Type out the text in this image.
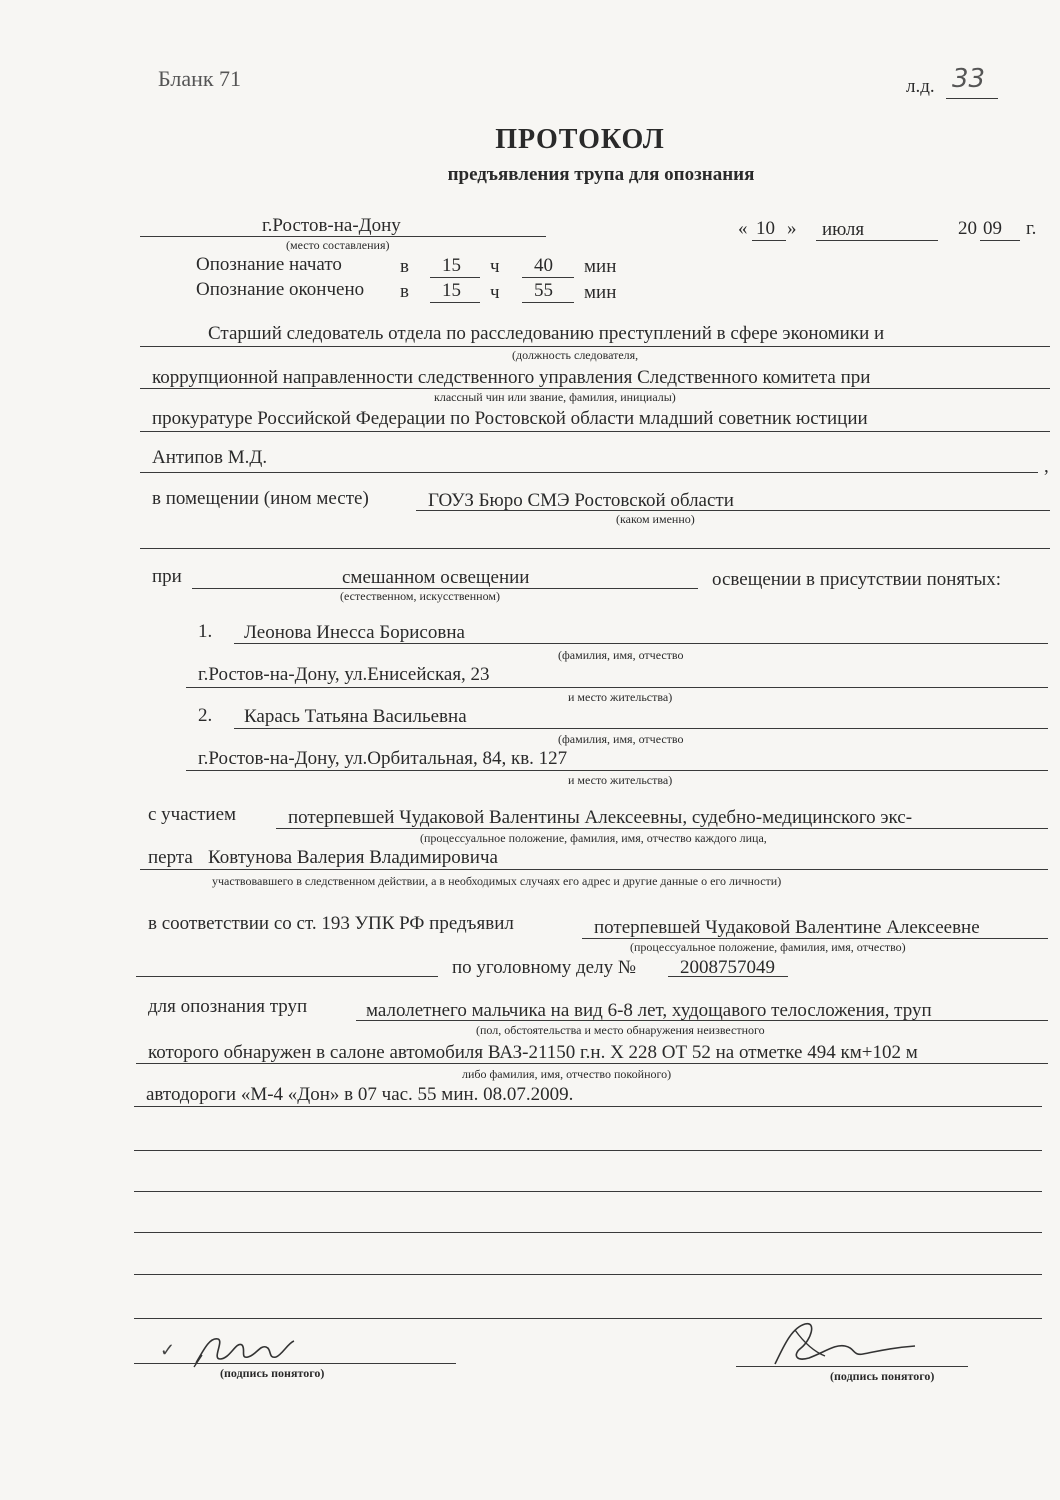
Бланк 71	л.д. 33
ПРОТОКОЛ
предъявления трупа для опознания
г.Ростов-на-Дону
(место составления)
« 10 » июля	20 09 г.
Опознание начато	в 15 ч 40 мин
Опознание окончено в 15 ч 55 мин
Старший следователь отдела по расследованию преступлений в сфере экономики и
(должность следователя,
коррупционной направленности следственного управления Следственного комитета при
классный чин или звание, фамилия, инициалы)
прокуратуре Российской Федерации по Ростовской области младший советник юстиции
Антипов М.Д.	,
в помещении (ином месте)	ГОУЗ Бюро СМЭ Ростовской области
(каком именно)
при	смешанном освещении
(естественном, искусственном)
освещении в присутствии понятых:
1. Леонова Инесса Борисовна
(фамилия, имя, отчество
г.Ростов-на-Дону, ул.Енисейская, 23
и место жительства)
2. Карась Татьяна Васильевна
(фамилия, имя, отчество
г.Ростов-на-Дону, ул.Орбитальная, 84, кв. 127
и место жительства)
с участием	потерпевшей Чудаковой Валентины Алексеевны, судебно-медицинского экс-
(процессуальное положение, фамилия, имя, отчество каждого лица,
перта Ковтунова Валерия Владимировича
участвовавшего в следственном действии, а в необходимых случаях его адрес и другие данные о его личности)
в соответствии со ст. 193 УПК РФ предъявил	потерпевшей Чудаковой Валентине Алексеевне
(процессуальное положение, фамилия, имя, отчество)
по уголовному делу № 2008757049
для опознания труп	малолетнего мальчика на вид 6-8 лет, худощавого телосложения, труп
(пол, обстоятельства и место обнаружения неизвестного
которого обнаружен в салоне автомобиля ВАЗ-21150 г.н. Х 228 ОТ 52 на отметке 494 км+102 м
либо фамилия, имя, отчество покойного)
автодороги «М-4 «Дон» в 07 час. 55 мин. 08.07.2009.
✓
(подпись понятого)	(подпись понятого)
